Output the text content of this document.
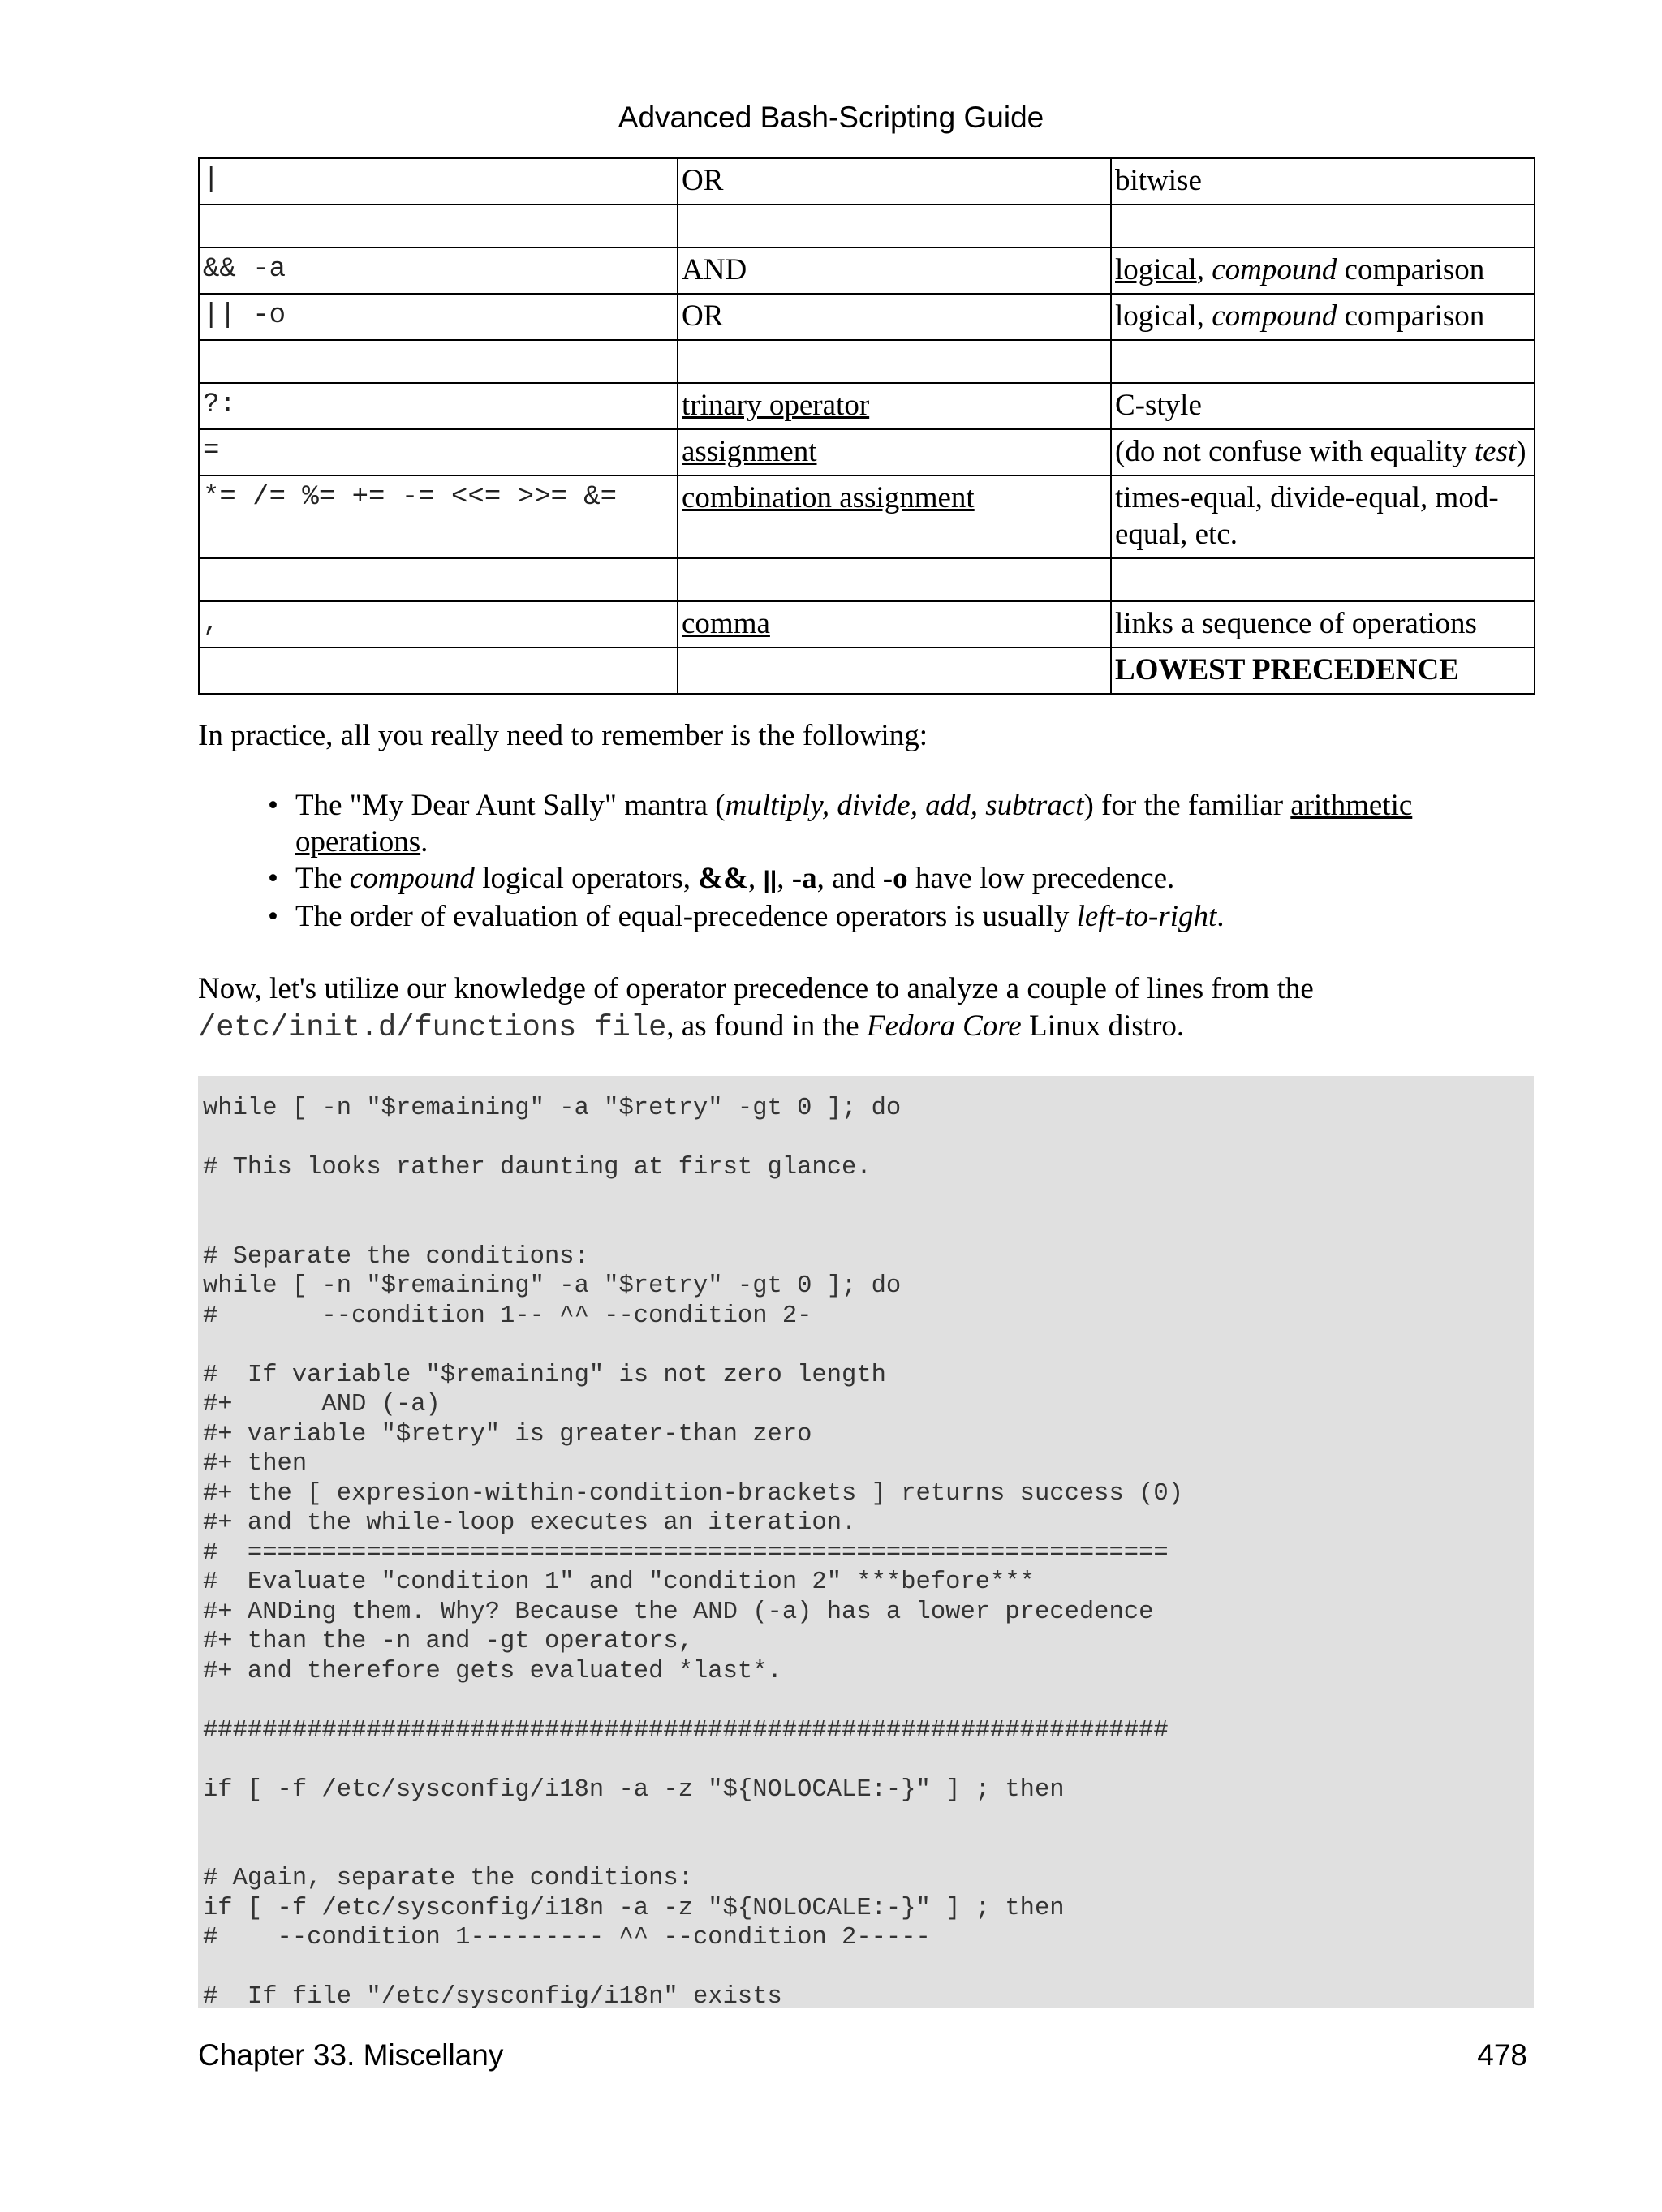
Advanced Bash-Scripting Guide
|	OR	bitwise

&& -a	AND	logical, compound comparison
|| -o	OR	logical, compound comparison

?:	trinary operator	C-style
=	assignment	(do not confuse with equality test)
*= /= %= += -= <<= >>= &=	combination assignment	times-equal, divide-equal, mod-equal, etc.

,	comma	links a sequence of operations
		LOWEST PRECEDENCE
In practice, all you really need to remember is the following:
• The "My Dear Aunt Sally" mantra (multiply, divide, add, subtract) for the familiar arithmetic operations.
• The compound logical operators, &&, ||, -a, and -o have low precedence.
• The order of evaluation of equal-precedence operators is usually left-to-right.
Now, let's utilize our knowledge of operator precedence to analyze a couple of lines from the
/etc/init.d/functions file, as found in the Fedora Core Linux distro.
while [ -n "$remaining" -a "$retry" -gt 0 ]; do

# This looks rather daunting at first glance.

# Separate the conditions:
while [ -n "$remaining" -a "$retry" -gt 0 ]; do
#       --condition 1-- ^^ --condition 2-

#  If variable "$remaining" is not zero length
#+      AND (-a)
#+ variable "$retry" is greater-than zero
#+ then
#+ the [ expresion-within-condition-brackets ] returns success (0)
#+ and the while-loop executes an iteration.
#  ==============================================================
#  Evaluate "condition 1" and "condition 2" ***before***
#+ ANDing them. Why? Because the AND (-a) has a lower precedence
#+ than the -n and -gt operators,
#+ and therefore gets evaluated *last*.

#################################################################

if [ -f /etc/sysconfig/i18n -a -z "${NOLOCALE:-}" ] ; then

# Again, separate the conditions:
if [ -f /etc/sysconfig/i18n -a -z "${NOLOCALE:-}" ] ; then
#    --condition 1--------- ^^ --condition 2-----

#  If file "/etc/sysconfig/i18n" exists
Chapter 33. Miscellany	478
